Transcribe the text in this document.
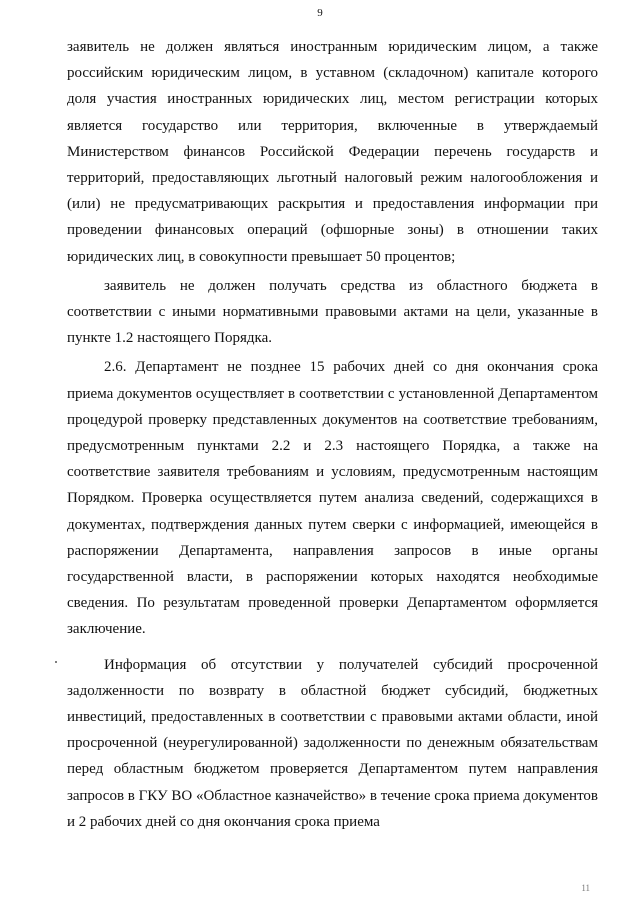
9

заявитель не должен являться иностранным юридическим лицом, а также российским юридическим лицом, в уставном (складочном) капитале которого доля участия иностранных юридических лиц, местом регистрации которых является государство или территория, включенные в утверждаемый Министерством финансов Российской Федерации перечень государств и территорий, предоставляющих льготный налоговый режим налогообложения и (или) не предусматривающих раскрытия и предоставления информации при проведении финансовых операций (офшорные зоны) в отношении таких юридических лиц, в совокупности превышает 50 процентов;

заявитель не должен получать средства из областного бюджета в соответствии с иными нормативными правовыми актами на цели, указанные в пункте 1.2 настоящего Порядка.

2.6. Департамент не позднее 15 рабочих дней со дня окончания срока приема документов осуществляет в соответствии с установленной Департаментом процедурой проверку представленных документов на соответствие требованиям, предусмотренным пунктами 2.2 и 2.3 настоящего Порядка, а также на соответствие заявителя требованиям и условиям, предусмотренным настоящим Порядком. Проверка осуществляется путем анализа сведений, содержащихся в документах, подтверждения данных путем сверки с информацией, имеющейся в распоряжении Департамента, направления запросов в иные органы государственной власти, в распоряжении которых находятся необходимые сведения. По результатам проведенной проверки Департаментом оформляется заключение.

Информация об отсутствии у получателей субсидий просроченной задолженности по возврату в областной бюджет субсидий, бюджетных инвестиций, предоставленных в соответствии с правовыми актами области, иной просроченной (неурегулированной) задолженности по денежным обязательствам перед областным бюджетом проверяется Департаментом путем направления запросов в ГКУ ВО «Областное казначейство» в течение срока приема документов и 2 рабочих дней со дня окончания срока приема

11
